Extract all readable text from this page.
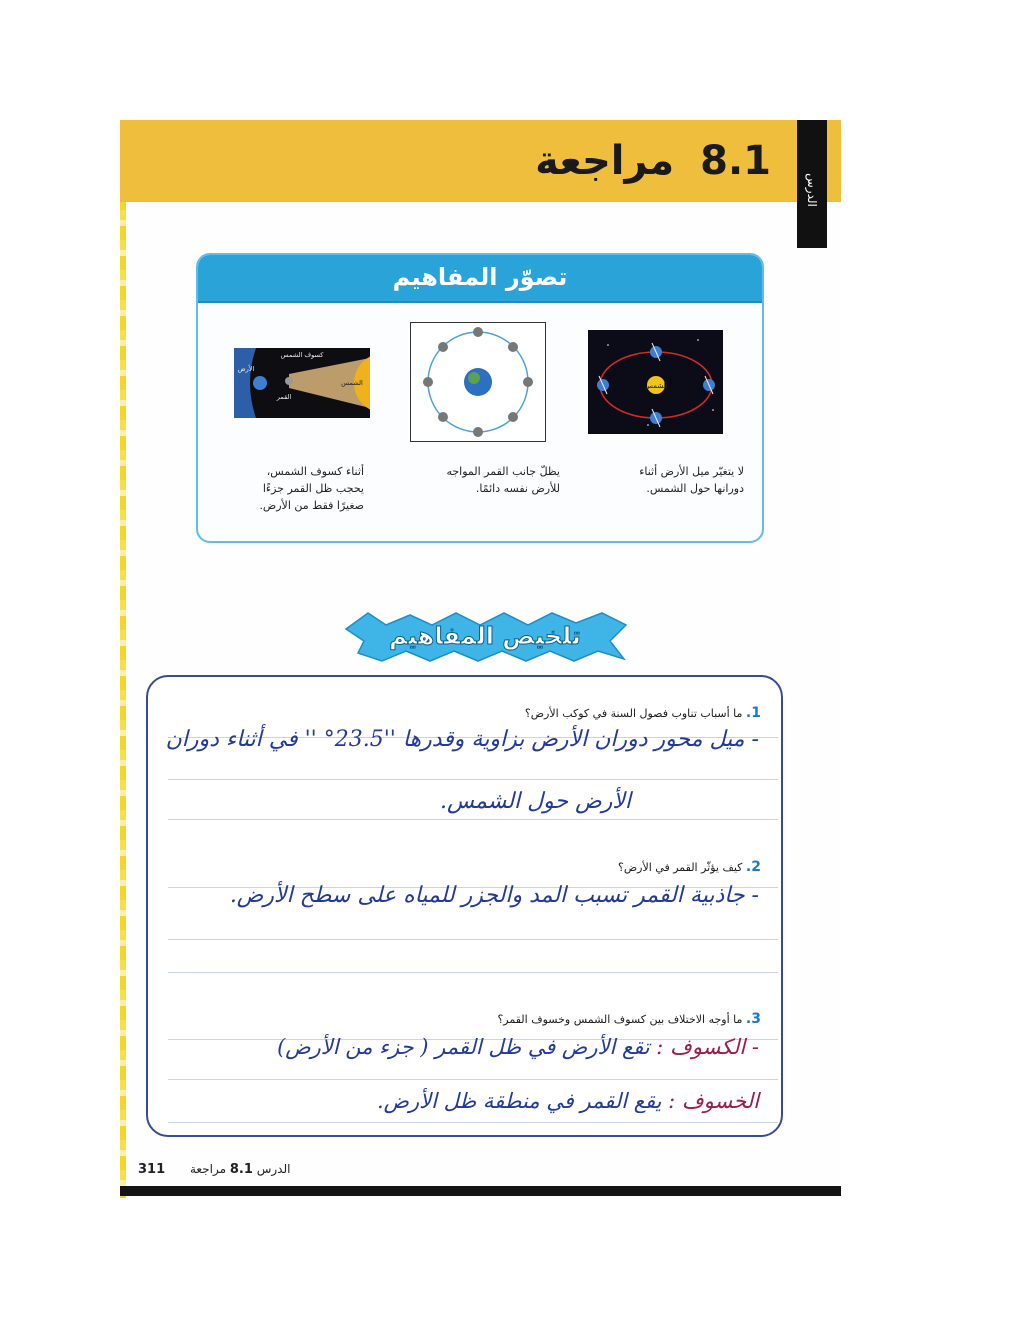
8.1مراجعة
الدرس
تصوّر المفاهيم
الشمس
لا يتغيّر ميل الأرض أثناء
دورانها حول الشمس.
يظلّ جانب القمر المواجه
للأرض نفسه دائمًا.
كسوف الشمس
الأرض
القمر
الشمس
أثناء كسوف الشمس،
يحجب ظل القمر جزءًا
صغيرًا فقط من الأرض.
تلخيص المفاهيم
1. ما أسباب تناوب فصول السنة في كوكب الأرض؟
- ميل محور دوران الأرض بزاوية وقدرها ''23.5° '' في أثناء دوران
الأرض حول الشمس.
2. كيف يؤثّر القمر في الأرض؟
- جاذبية القمر تسبب المد والجزر للمياه على سطح الأرض.
3. ما أوجه الاختلاف بين كسوف الشمس وخسوف القمر؟
- الكسوف : تقع الأرض في ظل القمر ( جزء من الأرض)
الخسوف : يقع القمر في منطقة ظل الأرض.
311	الدرس 8.1 مراجعة
